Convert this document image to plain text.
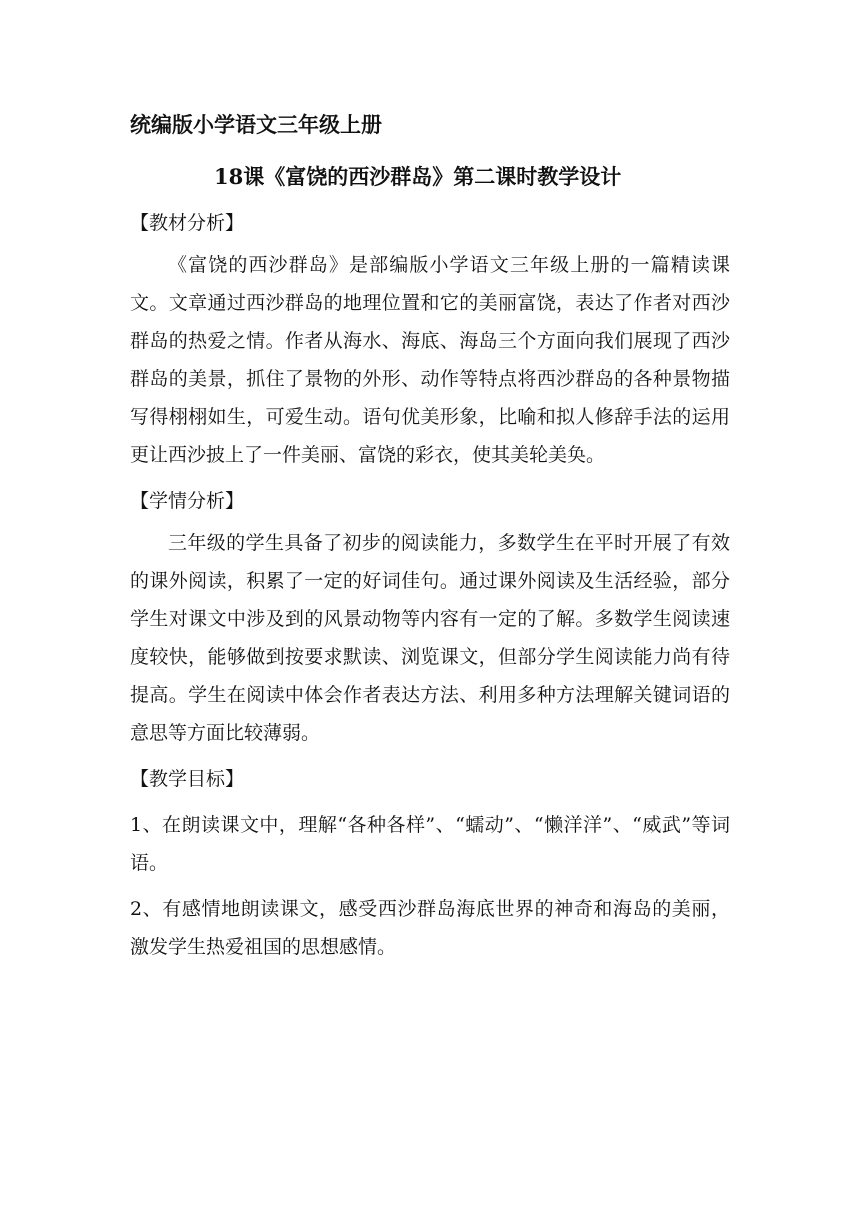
统编版小学语文三年级上册
18课《富饶的西沙群岛》第二课时教学设计
【教材分析】

《富饶的西沙群岛》是部编版小学语文三年级上册的一篇精读课文。文章通过西沙群岛的地理位置和它的美丽富饶，表达了作者对西沙群岛的热爱之情。作者从海水、海底、海岛三个方面向我们展现了西沙群岛的美景，抓住了景物的外形、动作等特点将西沙群岛的各种景物描写得栩栩如生，可爱生动。语句优美形象，比喻和拟人修辞手法的运用更让西沙披上了一件美丽、富饶的彩衣，使其美轮美奂。

【学情分析】

三年级的学生具备了初步的阅读能力，多数学生在平时开展了有效的课外阅读，积累了一定的好词佳句。通过课外阅读及生活经验，部分学生对课文中涉及到的风景动物等内容有一定的了解。多数学生阅读速度较快，能够做到按要求默读、浏览课文，但部分学生阅读能力尚有待提高。学生在阅读中体会作者表达方法、利用多种方法理解关键词语的意思等方面比较薄弱。

【教学目标】

1、在朗读课文中，理解“各种各样”、“蠕动”、“懒洋洋”、“威武”等词语。

2、有感情地朗读课文，感受西沙群岛海底世界的神奇和海岛的美丽，激发学生热爱祖国的思想感情。
